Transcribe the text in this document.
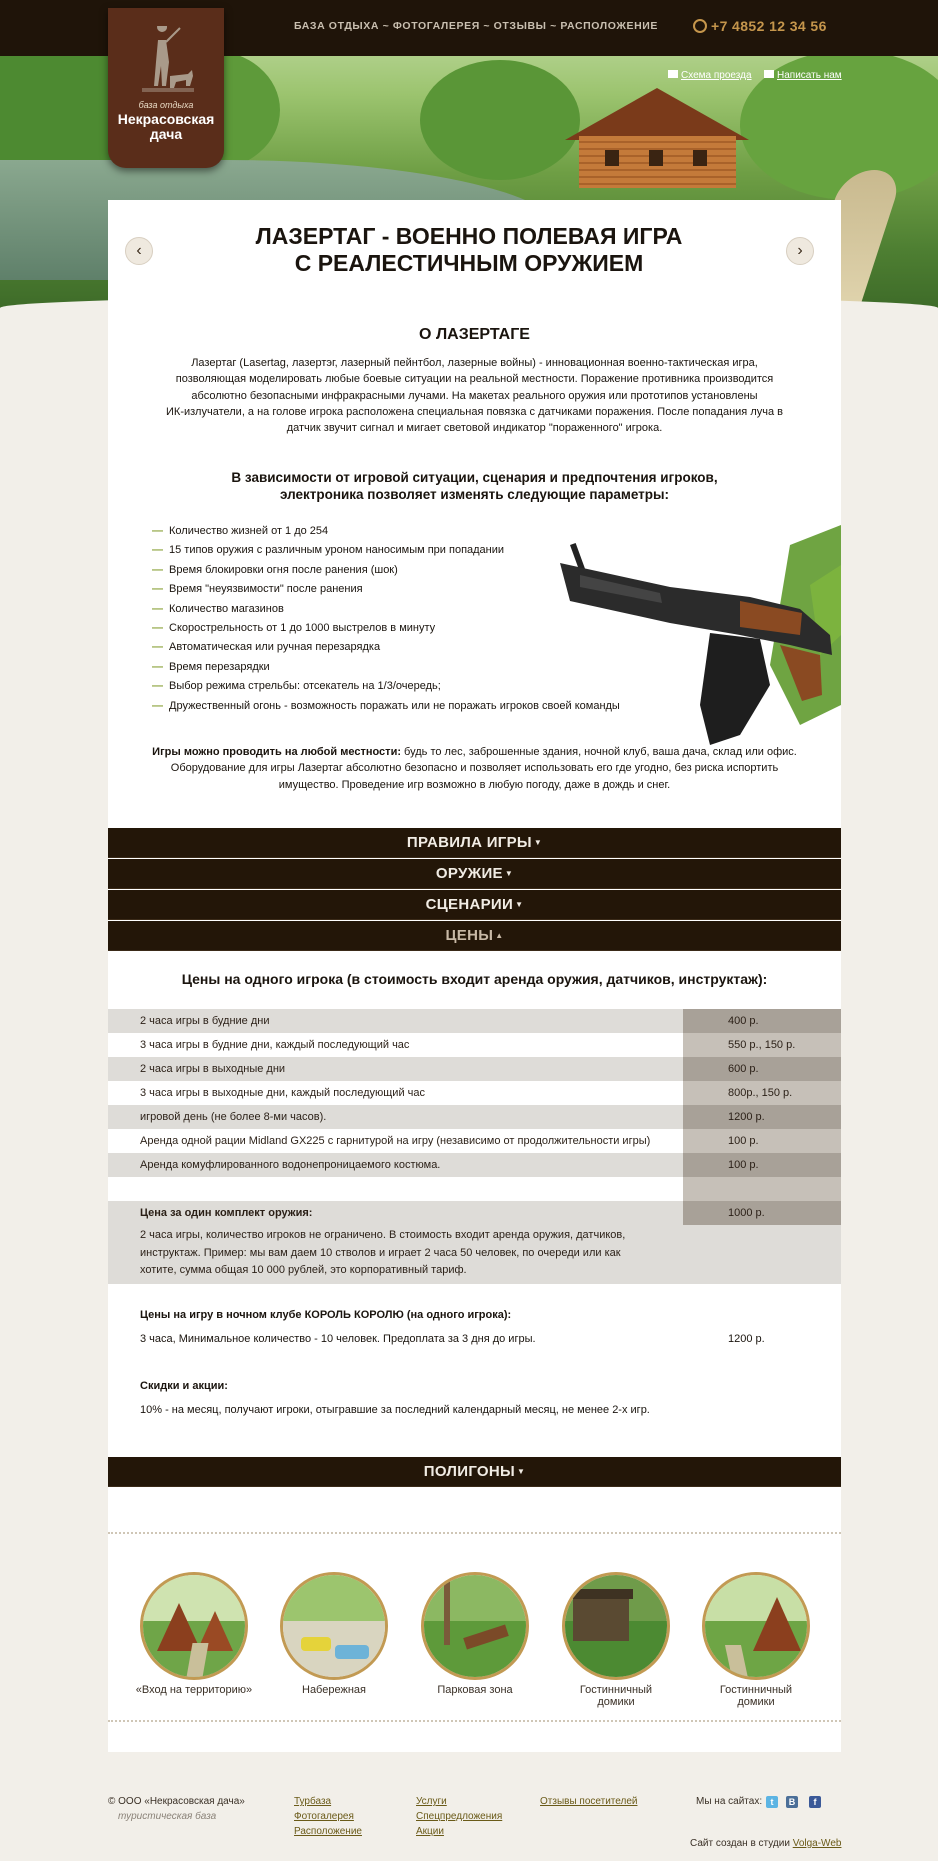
БАЗА ОТДЫХА ~ ФОТОГАЛЕРЕЯ ~ ОТЗЫВЫ ~ РАСПОЛОЖЕНИЕ	+7 4852 12 34 56
Схема проезда	Написать нам
база отдыха
Некрасовская
дача
‹	›
ЛАЗЕРТАГ - ВОЕННО ПОЛЕВАЯ ИГРА
С РЕАЛЕСТИЧНЫМ ОРУЖИЕМ
О ЛАЗЕРТАГЕ
Лазертаг (Lasertag, лазертэг, лазерный пейнтбол, лазерные войны) - инновационная военно-тактическая игра,
позволяющая моделировать любые боевые ситуации на реальной местности. Поражение противника производится
абсолютно безопасными инфракрасными лучами. На макетах реального оружия или прототипов установлены
ИК-излучатели, а на голове игрока расположена специальная повязка с датчиками поражения. После попадания луча в
датчик звучит сигнал и мигает световой индикатор "пораженного" игрока.
В зависимости от игровой ситуации, сценария и предпочтения игроков,
электроника позволяет изменять следующие параметры:
— Количество жизней от 1 до 254
— 15 типов оружия с различным уроном наносимым при попадании
— Время блокировки огня после ранения (шок)
— Время "неуязвимости" после ранения
— Количество магазинов
— Скорострельность от 1 до 1000 выстрелов в минуту
— Автоматическая или ручная перезарядка
— Время перезарядки
— Выбор режима стрельбы: отсекатель на 1/3/очередь;
— Дружественный огонь - возможность поражать или не поражать игроков своей команды
Игры можно проводить на любой местности: будь то лес, заброшенные здания, ночной клуб, ваша дача, склад или офис.
Оборудование для игры Лазертаг абсолютно безопасно и позволяет использовать его где угодно, без риска испортить
имущество. Проведение игр возможно в любую погоду, даже в дождь и снег.
ПРАВИЛА ИГРЫ ▼
ОРУЖИЕ ▼
СЦЕНАРИИ ▼
ЦЕНЫ ▲
Цены на одного игрока (в стоимость входит аренда оружия, датчиков, инструктаж):
2 часа игры в будние дни	400 р.
3 часа игры в будние дни, каждый последующий час	550 р., 150 р.
2 часа игры в выходные дни	600 р.
3 часа игры в выходные дни, каждый последующий час	800р., 150 р.
игровой день (не более 8-ми часов).	1200 р.
Аренда одной рации Midland GX225 с гарнитурой на игру (независимо от продолжительности игры)	100 р.
Аренда комуфлированного водонепроницаемого костюма.	100 р.
Цена за один комплект оружия:	1000 р.
2 часа игры, количество игроков не ограничено. В стоимость входит аренда оружия, датчиков,
инструктаж. Пример: мы вам даем 10 стволов и играет 2 часа 50 человек, по очереди или как
хотите, сумма общая 10 000 рублей, это корпоративный тариф.
Цены на игру в ночном клубе КОРОЛЬ КОРОЛЮ (на одного игрока):
3 часа, Минимальное количество - 10 человек. Предоплата за 3 дня до игры.	1200 р.
Скидки и акции:
10% - на месяц, получают игроки, отыгравшие за последний календарный месяц, не менее 2-х игр.
ПОЛИГОНЫ ▼
«Вход на территорию»	Набережная	Парковая зона	Гостинничный
домики
Гостинничный
домики
© ООО «Некрасовская дача»
туристическая база
Турбаза
Фотогалерея
Расположение
Услуги
Спецпредложения
Акции
Отзывы посетителей	Мы на сайтах: t	В	f
Сайт создан в студии Volga-Web
